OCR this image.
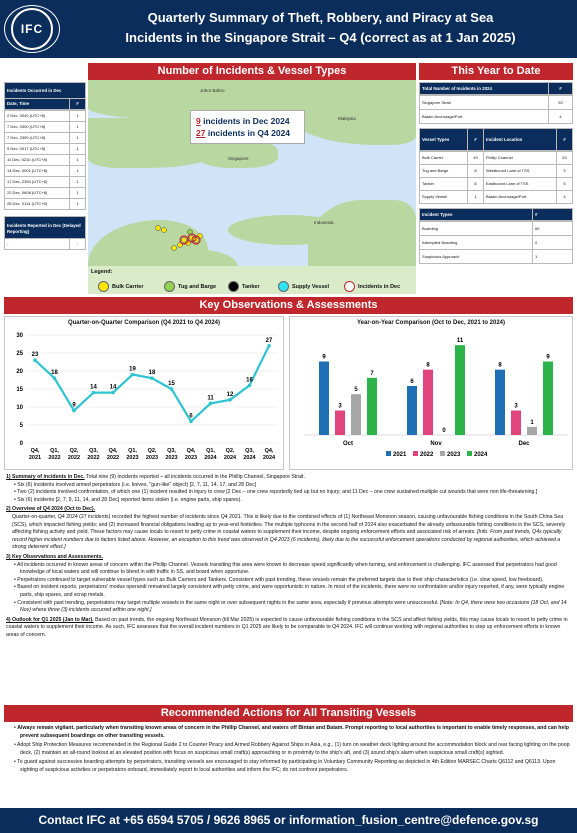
IFC
Quarterly Summary of Theft, Robbery, and Piracy at Sea
Incidents in the Singapore Strait – Q4 (correct as at 1 Jan 2025)
Number of Incidents & Vessel Types	This Year to Date
Incidents Occurred in Dec
Date, Time	#
2 Dec, 0040 (UTC+8)	1
7 Dec, 0300 (UTC+8)	1
7 Dec, 2300 (UTC+8)	1
9 Dec, 0017 (UTC+8)	1
11 Dec, 0210 (UTC+8)	1
14 Dec, 0001 (UTC+8)	1
17 Dec, 2350 (UTC+8)	1
22 Dec, 0608 (UTC+8)	1
28 Dec, 0114 (UTC+8)	1
Incidents Reported in Dec (Delayed Reporting)
-	-
Johor Bahru
Malaysia
Singapore
Indonesia
9 incidents in Dec 2024
27 incidents in Q4 2024
Legend:
Bulk Carrier	Tug and Barge	Tanker	Supply Vessel	Incidents in Dec
Total Number of Incidents in 2024	#
Singapore Strait	92
Batam Anchorage/Port	4
Vessel Types	#	Incident Location	#
Bulk Carrier	49	Phillip Channel	53
Tug and Barge	8	Westbound Lane of TSS	3
Tanker	8	Eastbound Lane of TSS	5
Supply Vessel	1	Batam Anchorage/Port	4
Incident Types	#
Boarding	65
Attempted Boarding	0
Suspicious Approach	1
Key Observations & Assessments
Quarter-on-Quarter Comparison (Q4 2021 to Q4 2024)
0
5
10
15
20
25
30
23
Q4,
2021
18
Q1,
2022
9
Q2,
2022
14
Q3,
2022
14
Q4,
2022
19
Q1,
2023
18
Q2,
2023
15
Q3,
2023
6
Q4,
2023
11
Q1,
2024
12
Q2,
2024
16
Q3,
2024
27
Q4,
2024
Year-on-Year Comparison (Oct to Dec, 2021 to 2024)
9
3
5
7
Oct
6
8
0
11
Nov
8
3
1
9
Dec
2021 2022 2023 2024

1) Summary of incidents in Dec. Total nine (9) incidents reported – all incidents occurred in the Phillip Channel, Singapore Strait.

• Six (6) incidents involved armed perpetrators (i.e. knives, "gun-like" object) [2, 7, 11, 14, 17, and 28 Dec]

• Two (2) incidents involved confrontation, of which one (1) incident resulted in injury to crew [2 Dec – one crew reportedly tied up but no injury; and 11 Dec – one crew sustained multiple cut wounds that were non life-threatening.]

• Six (6) incidents [2, 7, 9, 11, 14, and 28 Dec] reported items stolen (i.e. engine parts, ship spares).

2) Overview of Q4 2024 (Oct to Dec).

Quarter-on-quarter, Q4 2024 (27 incidents) recorded the highest number of incidents since Q4 2021. This is likely due to the combined effects of (1) Northeast Monsoon season, causing unfavourable fishing conditions in the South China Sea (SCS), which impacted fishing yields; and (2) increased financial obligations leading up to year-end festivities. The multiple typhoons in the second half of 2024 also exacerbated the already unfavourable fishing conditions in the SCS, severely affecting fishing activity and yield. These factors may cause locals to resort to petty crime in coastal waters to supplement their income, despite ongoing enforcement efforts and associated risk of arrests. [Info: From past trends, Q4s typically record higher incident numbers due to factors listed above. However, an exception to this trend was observed in Q4 2023 (6 incidents), likely due to the successful enforcement operations conducted by regional authorities, which achieved a strong deterrent effect.]

3) Key Observations and Assessments.

• All incidents occurred in known areas of concern within the Phillip Channel. Vessels transiting this area were known to decrease speed significantly when turning, and enforcement is challenging. IFC assessed that perpetrators had good knowledge of local waters and will continue to blend in with traffic in SS, and board when opportune.

• Perpetrators continued to target vulnerable vessel types such as Bulk Carriers and Tankers. Consistent with past trending, these vessels remain the preferred targets due to their ship characteristics (i.e. slow speed, low freeboard).

• Based on incident reports, perpetrators' modus operandi remained largely consistent with petty crime, and were opportunistic in nature. In most of the incidents, there were no confrontation and/or injury reported, if any, were typically engine parts, ship spares, and scrap metals.

• Consistent with past trending, perpetrators may target multiple vessels in the same night or over subsequent nights in the same area, especially if previous attempts were unsuccessful. [Note: In Q4, there were two occasions (18 Oct, and 14 Nov) where three (3) incidents occurred within one night.]

4) Outlook for Q1 2025 (Jan to Mar). Based on past trends, the ongoing Northeast Monsoon (till Mar 2025) is expected to cause unfavourable fishing conditions in the SCS and affect fishing yields, this may cause locals to resort to petty crime in coastal waters to supplement their income. As such, IFC assesses that the overall incident numbers in Q1 2025 are likely to be comparable to Q4 2024. IFC will continue working with regional authorities to step up enforcement efforts in known areas of concern.

Recommended Actions for All Transiting Vessels

• Always remain vigilant, particularly when transiting known areas of concern in the Phillip Channel, and waters off Bintan and Batam. Prompt reporting to local authorities is important to enable timely responses, and can help prevent subsequent boardings on other transiting vessels.

• Adopt Ship Protection Measures recommended in the Regional Guide 2 to Counter Piracy and Armed Robbery Against Ships in Asia, e.g., (1) turn on weather deck lighting around the accommodation block and rear facing lighting on the poop deck, (2) maintain an all-round lookout at an elevated position with focus on suspicious small craft(s) approaching or in proximity to the ship's aft, and (3) sound ship's alarm when suspicious small craft(s) sighted.

• To guard against successive boarding attempts by perpetrators, transiting vessels are encouraged to stay informed by participating in Voluntary Community Reporting as depicted in 4th Edition MARSEC Charts Q6112 and Q6113. Upon sighting of suspicious activities or perpetrators onboard, immediately report to local authorities and inform the IFC; do not confront perpetrators.

Contact IFC at +65 6594 5705 / 9626 8965 or information_fusion_centre@defence.gov.sg
